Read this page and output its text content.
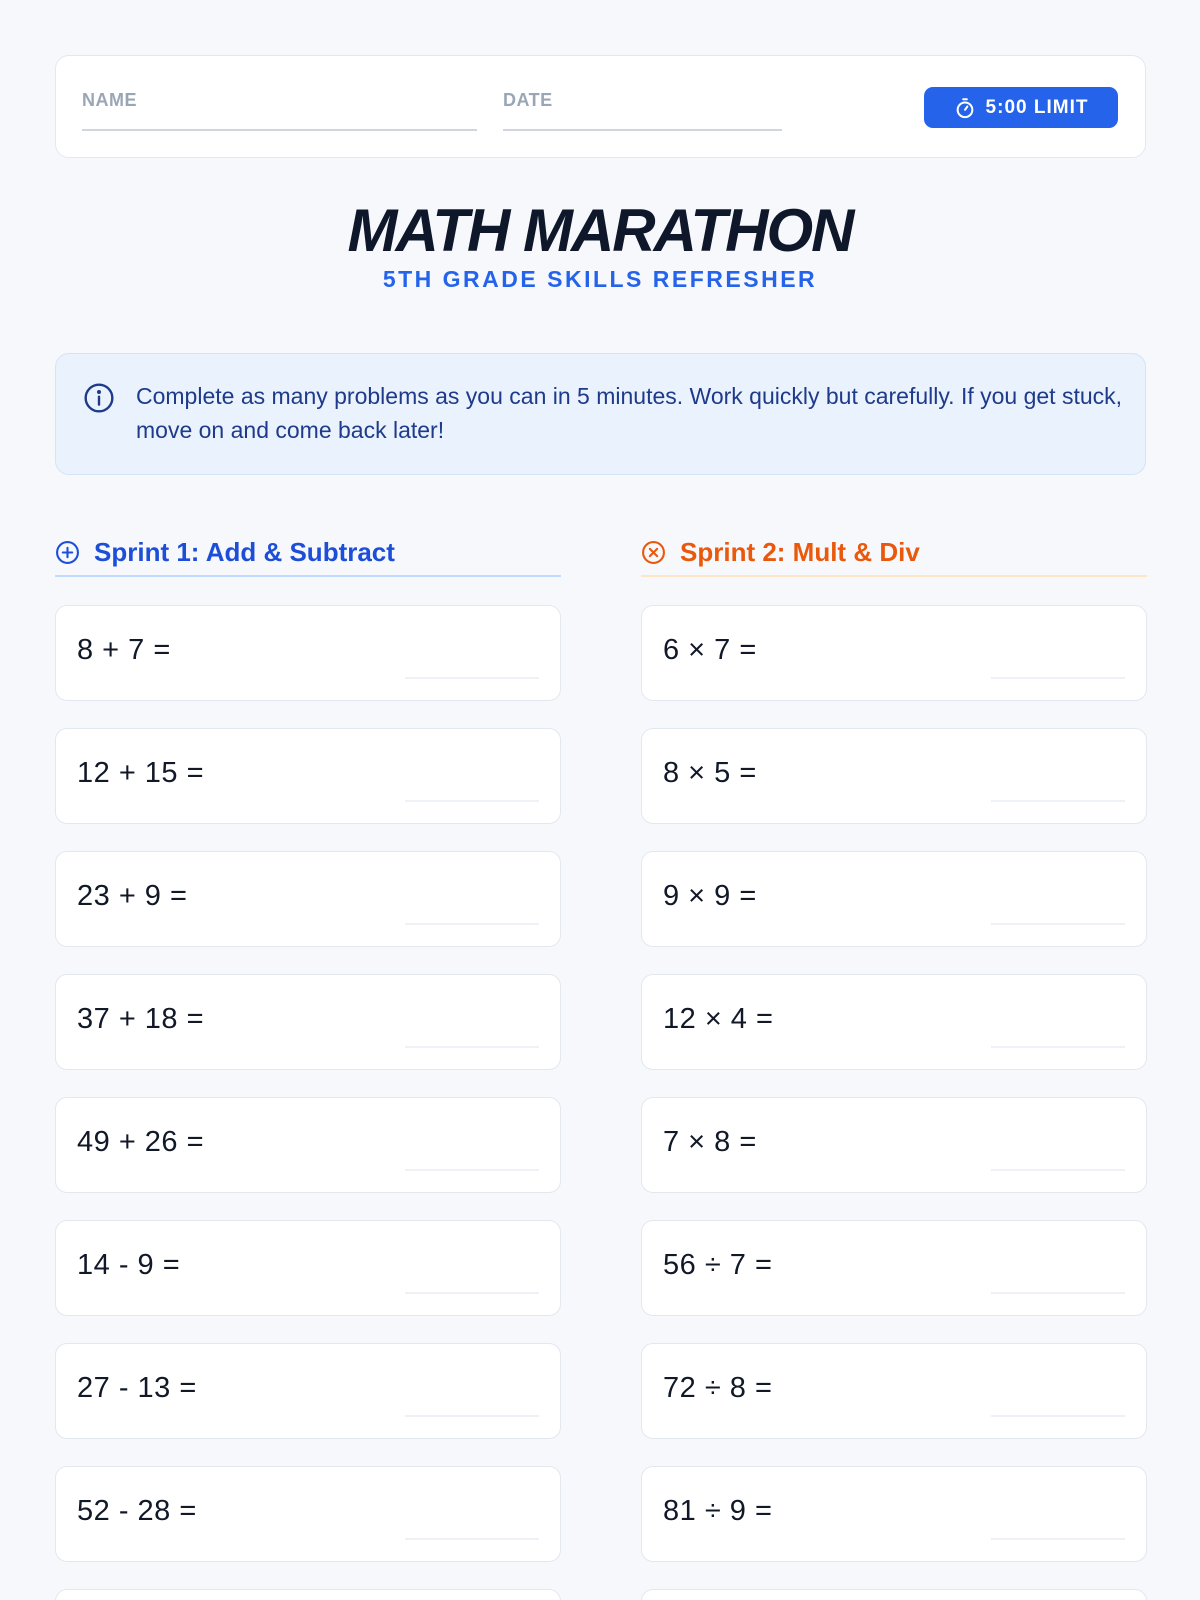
NAME	DATE	5:00 LIMIT
MATH MARATHON
5TH GRADE SKILLS REFRESHER
Complete as many problems as you can in 5 minutes. Work quickly but carefully. If you get stuck, move on and come back later!
Sprint 1: Add & Subtract
8 + 7 =
12 + 15 =
23 + 9 =
37 + 18 =
49 + 26 =
14 - 9 =
27 - 13 =
52 - 28 =
Sprint 2: Mult & Div
6 × 7 =
8 × 5 =
9 × 9 =
12 × 4 =
7 × 8 =
56 ÷ 7 =
72 ÷ 8 =
81 ÷ 9 =
